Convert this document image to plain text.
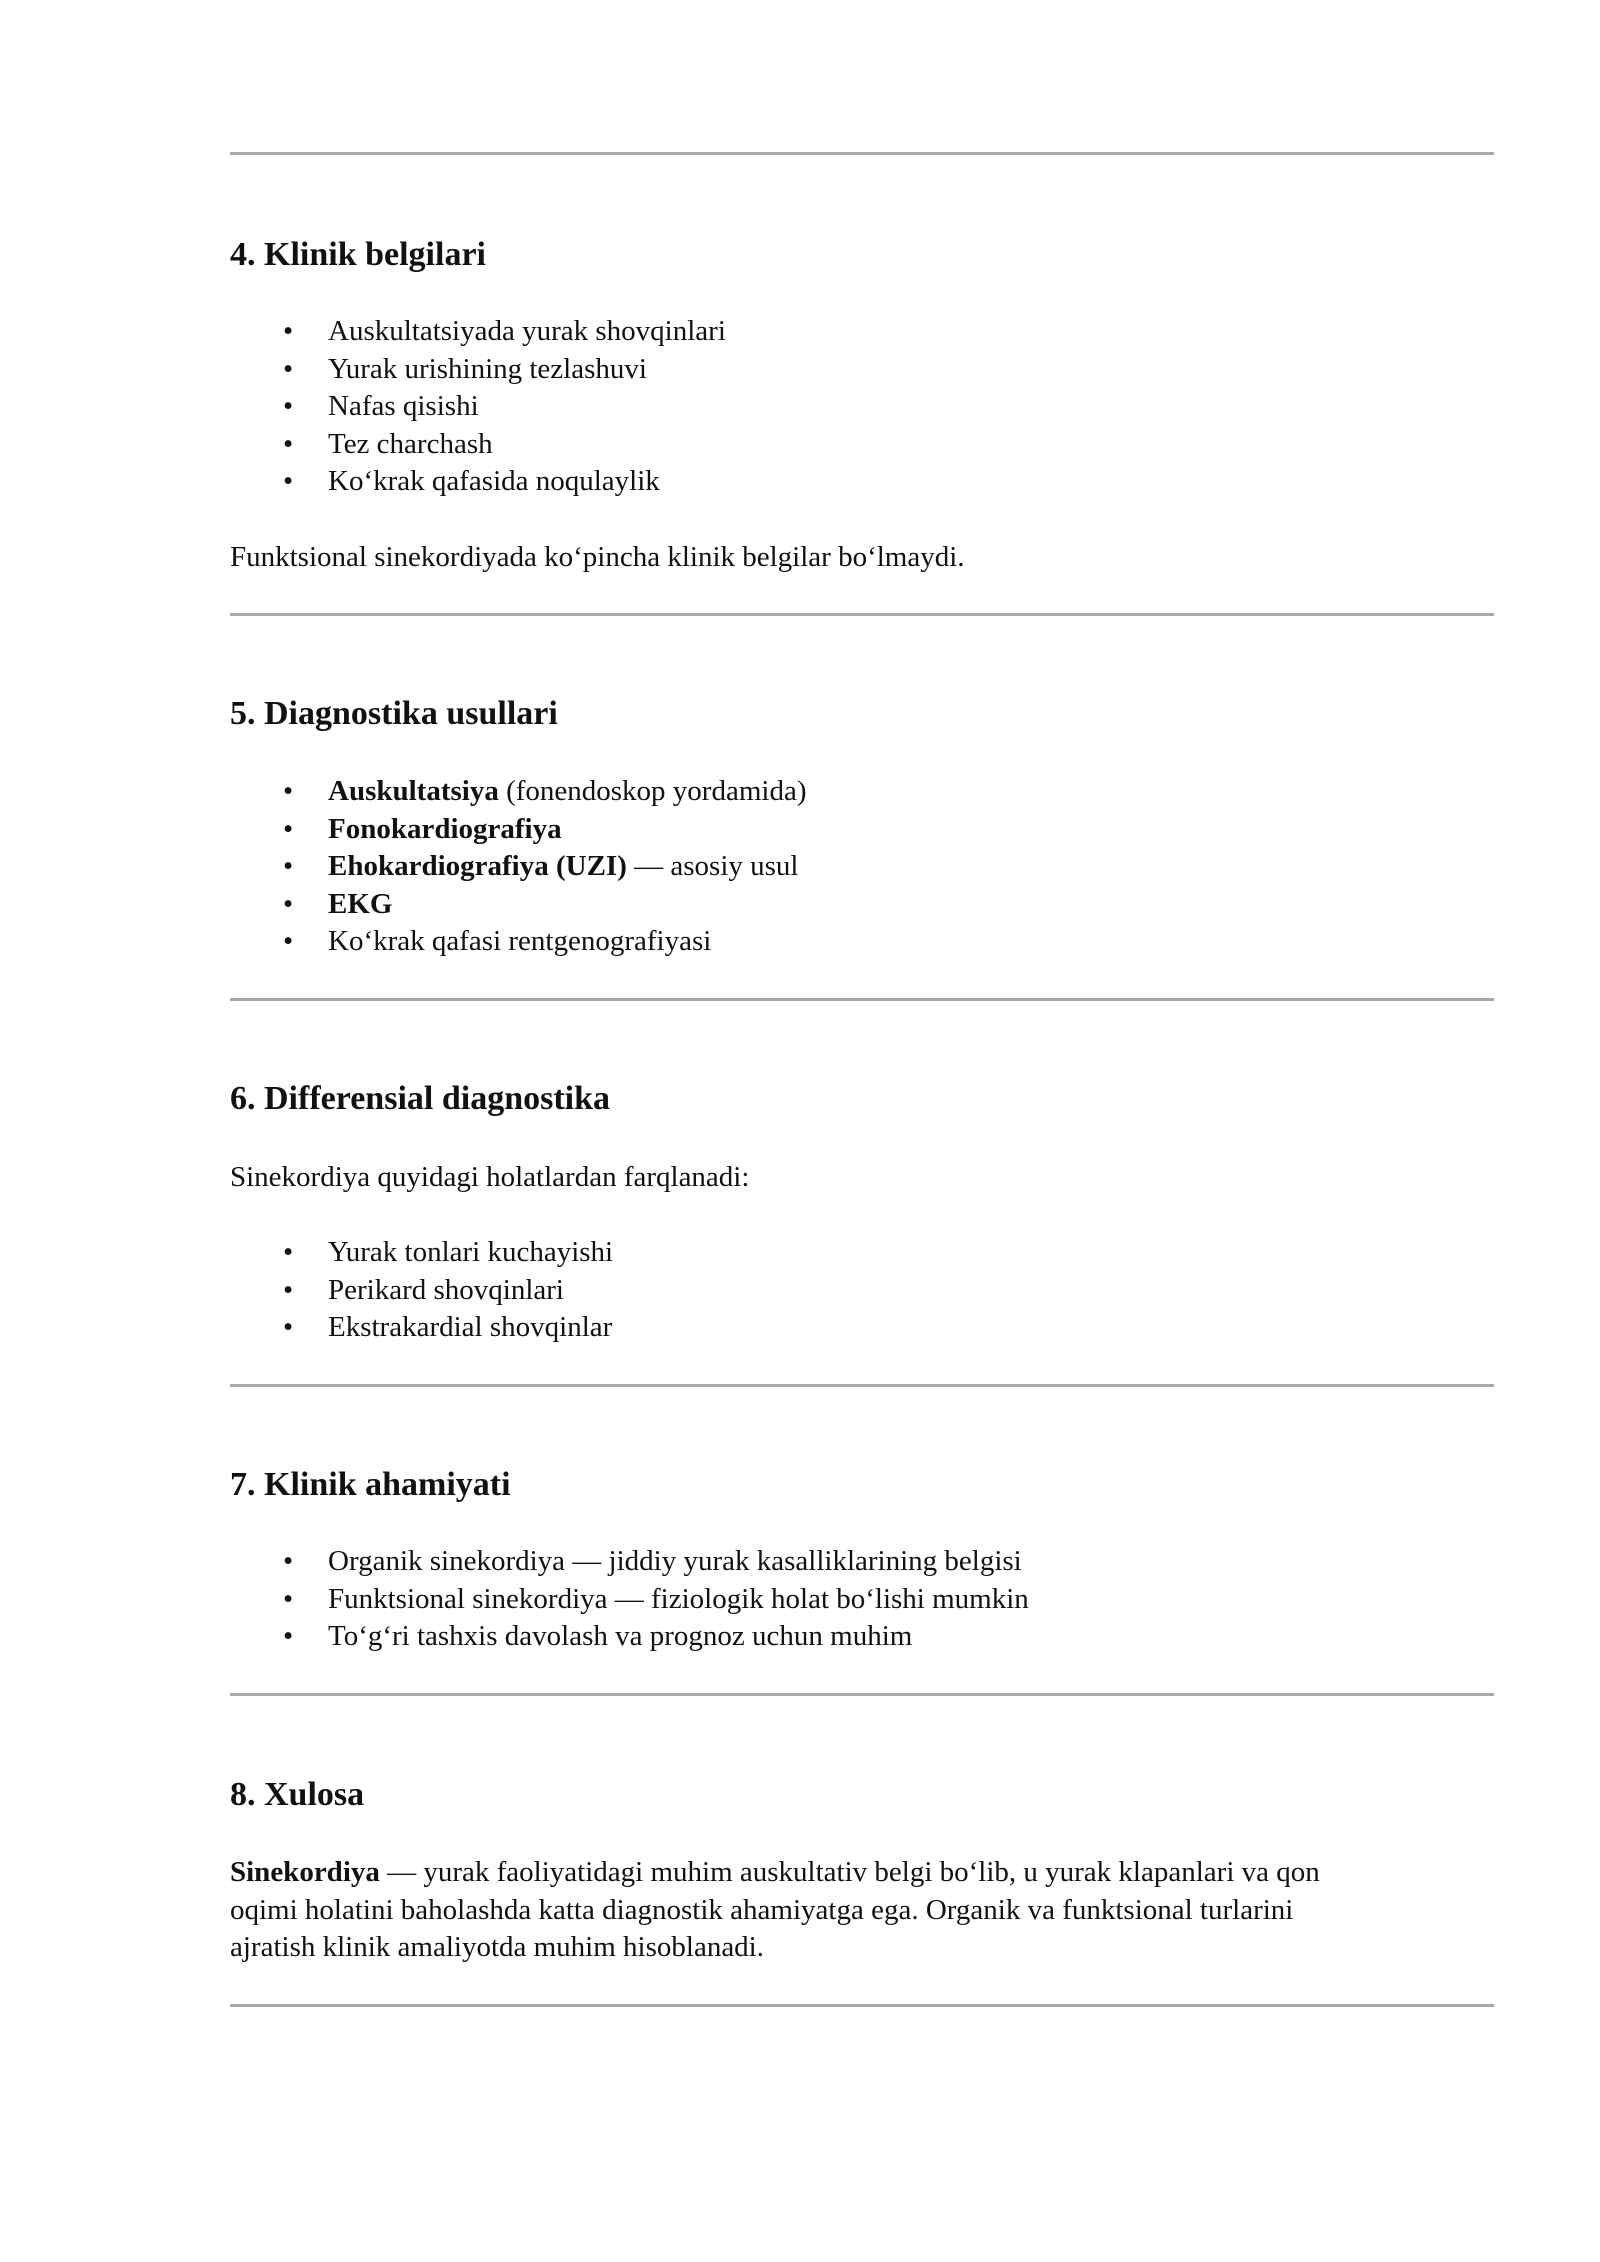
4. Klinik belgilari
• Auskultatsiyada yurak shovqinlari
• Yurak urishining tezlashuvi
• Nafas qisishi
• Tez charchash
• Ko‘krak qafasida noqulaylik

Funktsional sinekordiyada ko‘pincha klinik belgilar bo‘lmaydi.

5. Diagnostika usullari
• Auskultatsiya (fonendoskop yordamida)
• Fonokardiografiya
• Ehokardiografiya (UZI) — asosiy usul
• EKG
• Ko‘krak qafasi rentgenografiyasi
6. Differensial diagnostika

Sinekordiya quyidagi holatlardan farqlanadi:

• Yurak tonlari kuchayishi
• Perikard shovqinlari
• Ekstrakardial shovqinlar
7. Klinik ahamiyati
• Organik sinekordiya — jiddiy yurak kasalliklarining belgisi
• Funktsional sinekordiya — fiziologik holat bo‘lishi mumkin
• To‘g‘ri tashxis davolash va prognoz uchun muhim
8. Xulosa
Sinekordiya — yurak faoliyatidagi muhim auskultativ belgi bo‘lib, u yurak klapanlari va qon
oqimi holatini baholashda katta diagnostik ahamiyatga ega. Organik va funktsional turlarini
ajratish klinik amaliyotda muhim hisoblanadi.
